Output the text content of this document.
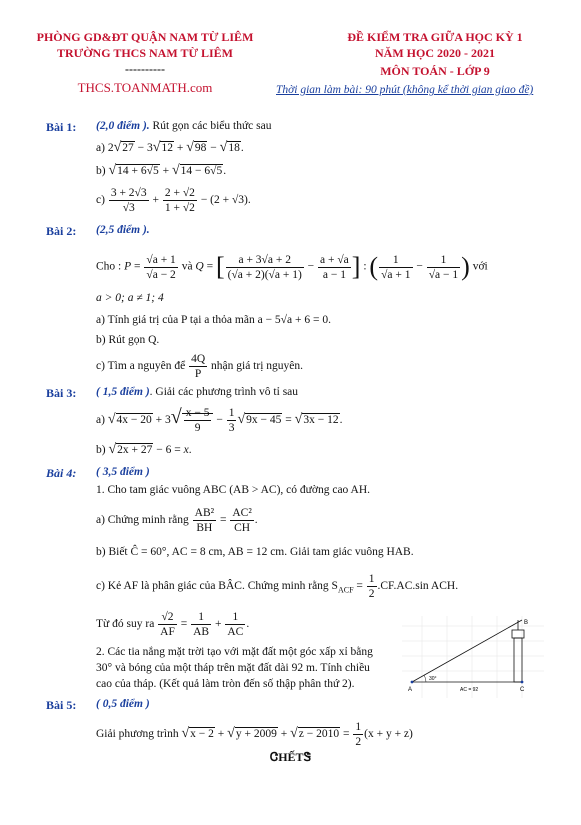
PHÒNG GD&ĐT QUẬN NAM TỪ LIÊM
TRƯỜNG THCS NAM TỪ LIÊM
----------
THCS.TOANMATH.com
ĐỀ KIỂM TRA GIỮA HỌC KỲ 1
NĂM HỌC 2020 - 2021
MÔN TOÁN - LỚP 9
Thời gian làm bài: 90 phút (không kể thời gian giao đề)
Bài 1: (2,0 điểm ). Rút gọn các biểu thức sau
a) 2√27 − 3√12 + √98 − √18.
b) √14 + 6√5 + √14 − 6√5.
$c) \frac{3 + 2√3}{√3} + \frac{2 + √2}{1 + √2} - (2 + √3)$.
Bài 2: (2,5 điểm ).
Cho : $P = \frac{√a + 1}{√a - 2}$ và Q = [ $\frac{a + 3√a + 2}{(√a + 2)(√a + 1)} - \frac{a + √a}{a - 1}$ ] : ( $\frac{1}{√a + 1} - \frac{1}{√a - 1}$ ) với
a > 0; a ≠ 1; 4
a) Tính giá trị của P tại a thỏa mãn a − 5√a + 6 = 0.
b) Rút gọn Q.
c) Tìm a nguyên để $\frac{4Q}{P}$ nhận giá trị nguyên.
Bài 3: ( 1,5 điểm ). Giải các phương trình vô tỉ sau
a) $√4x - 20 + 3√ \frac{x - 5}{9} - \frac{1}{3} √9x - 45 = √3x - 12$.
b) √2x + 27 − 6 = x.
Bài 4: ( 3,5 điểm )
1. Cho tam giác vuông ABC (AB > AC), có đường cao AH.
a) Chứng minh rằng $\frac{\text{AB²}}{BH} = \frac{\text{AC²}}{CH}$ .
b) Biết Ĉ = 60°, AC = 8 cm, AB = 12 cm. Giải tam giác vuông HAB.
c) Kẻ AF là phân giác của BÂC. Chứng minh rằng $S_{ACF} = \frac{1}{2} .CF.AC.\sin$ ACH.
Từ đó suy ra $\frac{√2}{AF} = \frac{1}{AB} + \frac{1}{AC}$ .
2. Các tia nắng mặt trời tạo với mặt đất một góc xấp xỉ bằng
30° và bóng của một tháp trên mặt đất dài 92 m. Tính chiều
cao của tháp. (Kết quả làm tròn đến số thập phân thứ 2).	A	C
B
30°
AC = 92
Bài 5: ( 0,5 điểm )
Giải phương trình $√x - 2 + √y + 2009 + √z - 2010 = \frac{1}{2} (x + y + z)$
ᏣHẾTᏕ
